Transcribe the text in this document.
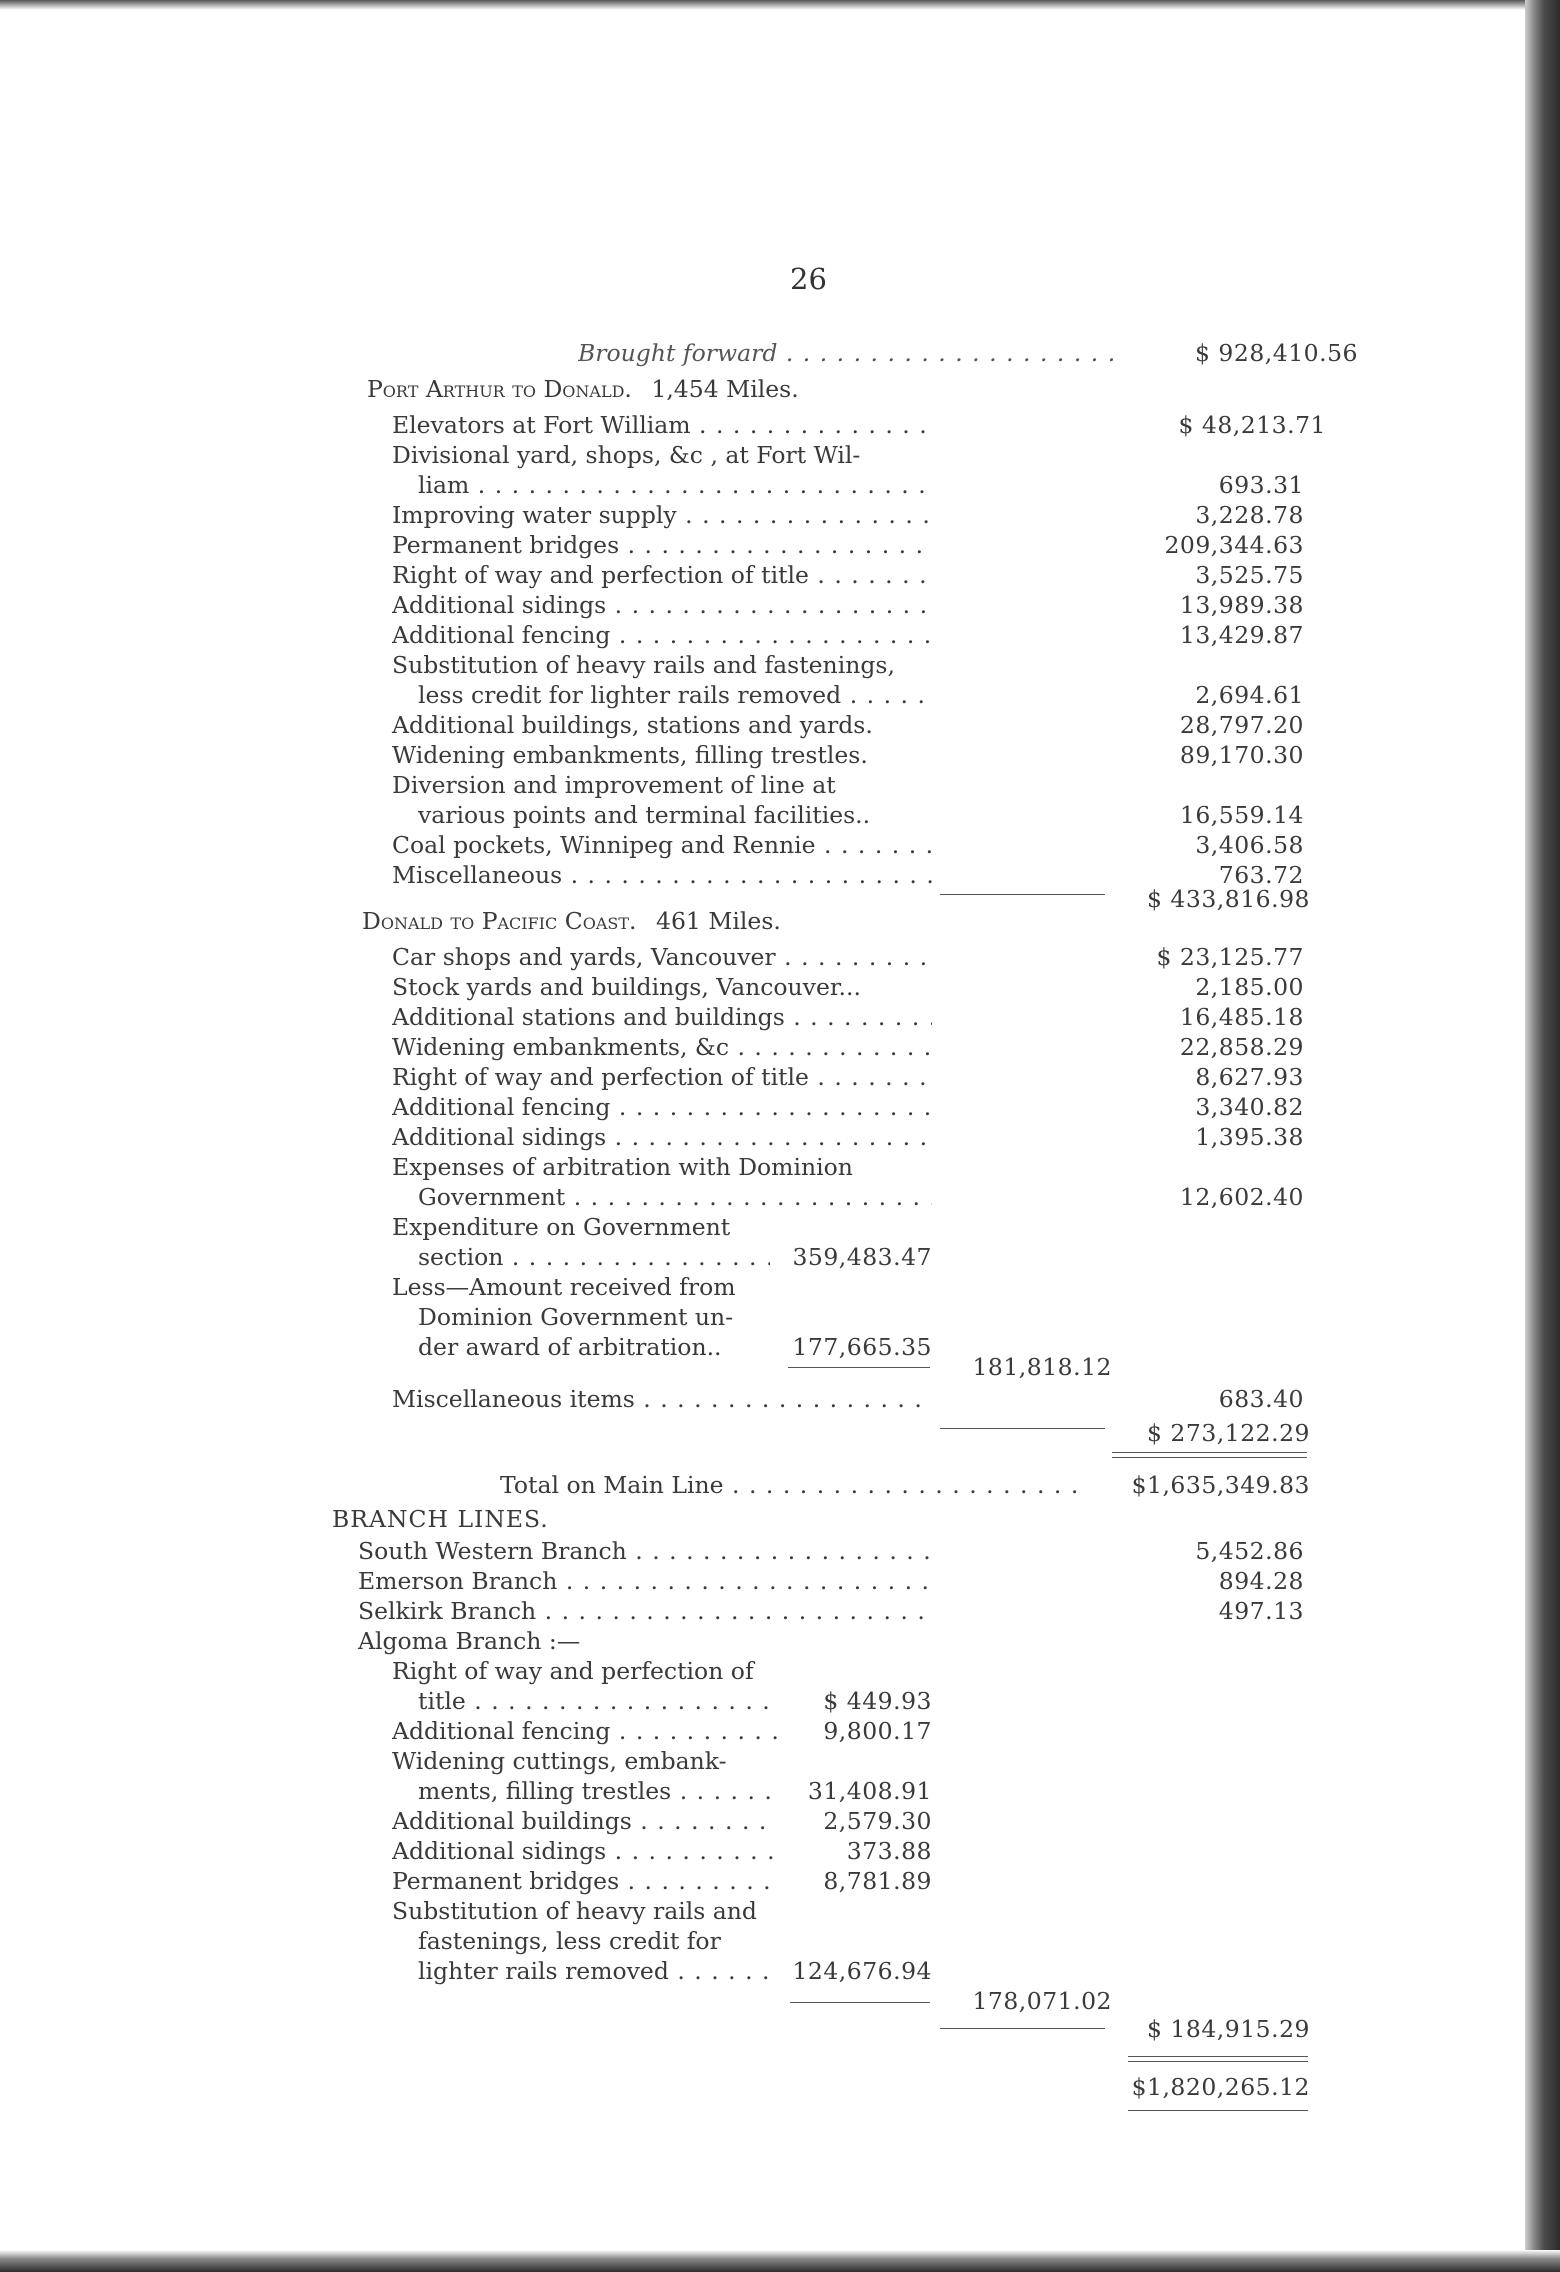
26
Brought forward . . .	$ 928,410.56
Port Arthur to Donald. 1,454 Miles.
Elevators at Fort William . . .	$ 48,213.71
Divisional yard, shops, &c , at Fort Wil-
liam . . .	693.31
Improving water supply . . .	3,228.78
Permanent bridges . . .	209,344.63
Right of way and perfection of title . . .	3,525.75
Additional sidings . . .	13,989.38
Additional fencing . . .	13,429.87
Substitution of heavy rails and fastenings,
less credit for lighter rails removed . . .	2,694.61
Additional buildings, stations and yards.	28,797.20
Widening embankments, filling trestles.	89,170.30
Diversion and improvement of line at
various points and terminal facilities..	16,559.14
Coal pockets, Winnipeg and Rennie . . .	3,406.58
Miscellaneous . . .	763.72
$ 433,816.98
Donald to Pacific Coast. 461 Miles.
Car shops and yards, Vancouver . . .	$ 23,125.77
Stock yards and buildings, Vancouver...	2,185.00
Additional stations and buildings . . .	16,485.18
Widening embankments, &c . . .	22,858.29
Right of way and perfection of title . . .	8,627.93
Additional fencing . . .	3,340.82
Additional sidings . . .	1,395.38
Expenses of arbitration with Dominion
Government . . .	12,602.40
Expenditure on Government
section . . .	359,483.47
Less—Amount received from
Dominion Government un-
der award of arbitration..	177,665.35
181,818.12
Miscellaneous items . . .	683.40
$ 273,122.29
Total on Main Line . . .	$1,635,349.83
BRANCH LINES.
South Western Branch . . .	5,452.86
Emerson Branch . . .	894.28
Selkirk Branch . . .	497.13
Algoma Branch :—
Right of way and perfection of
title . . .	$ 449.93
Additional fencing . . .	9,800.17
Widening cuttings, embank-
ments, filling trestles . . .	31,408.91
Additional buildings . . .	2,579.30
Additional sidings . . .	373.88
Permanent bridges . . .	8,781.89
Substitution of heavy rails and
fastenings, less credit for
lighter rails removed . . .	124,676.94
178,071.02
$ 184,915.29
$1,820,265.12
